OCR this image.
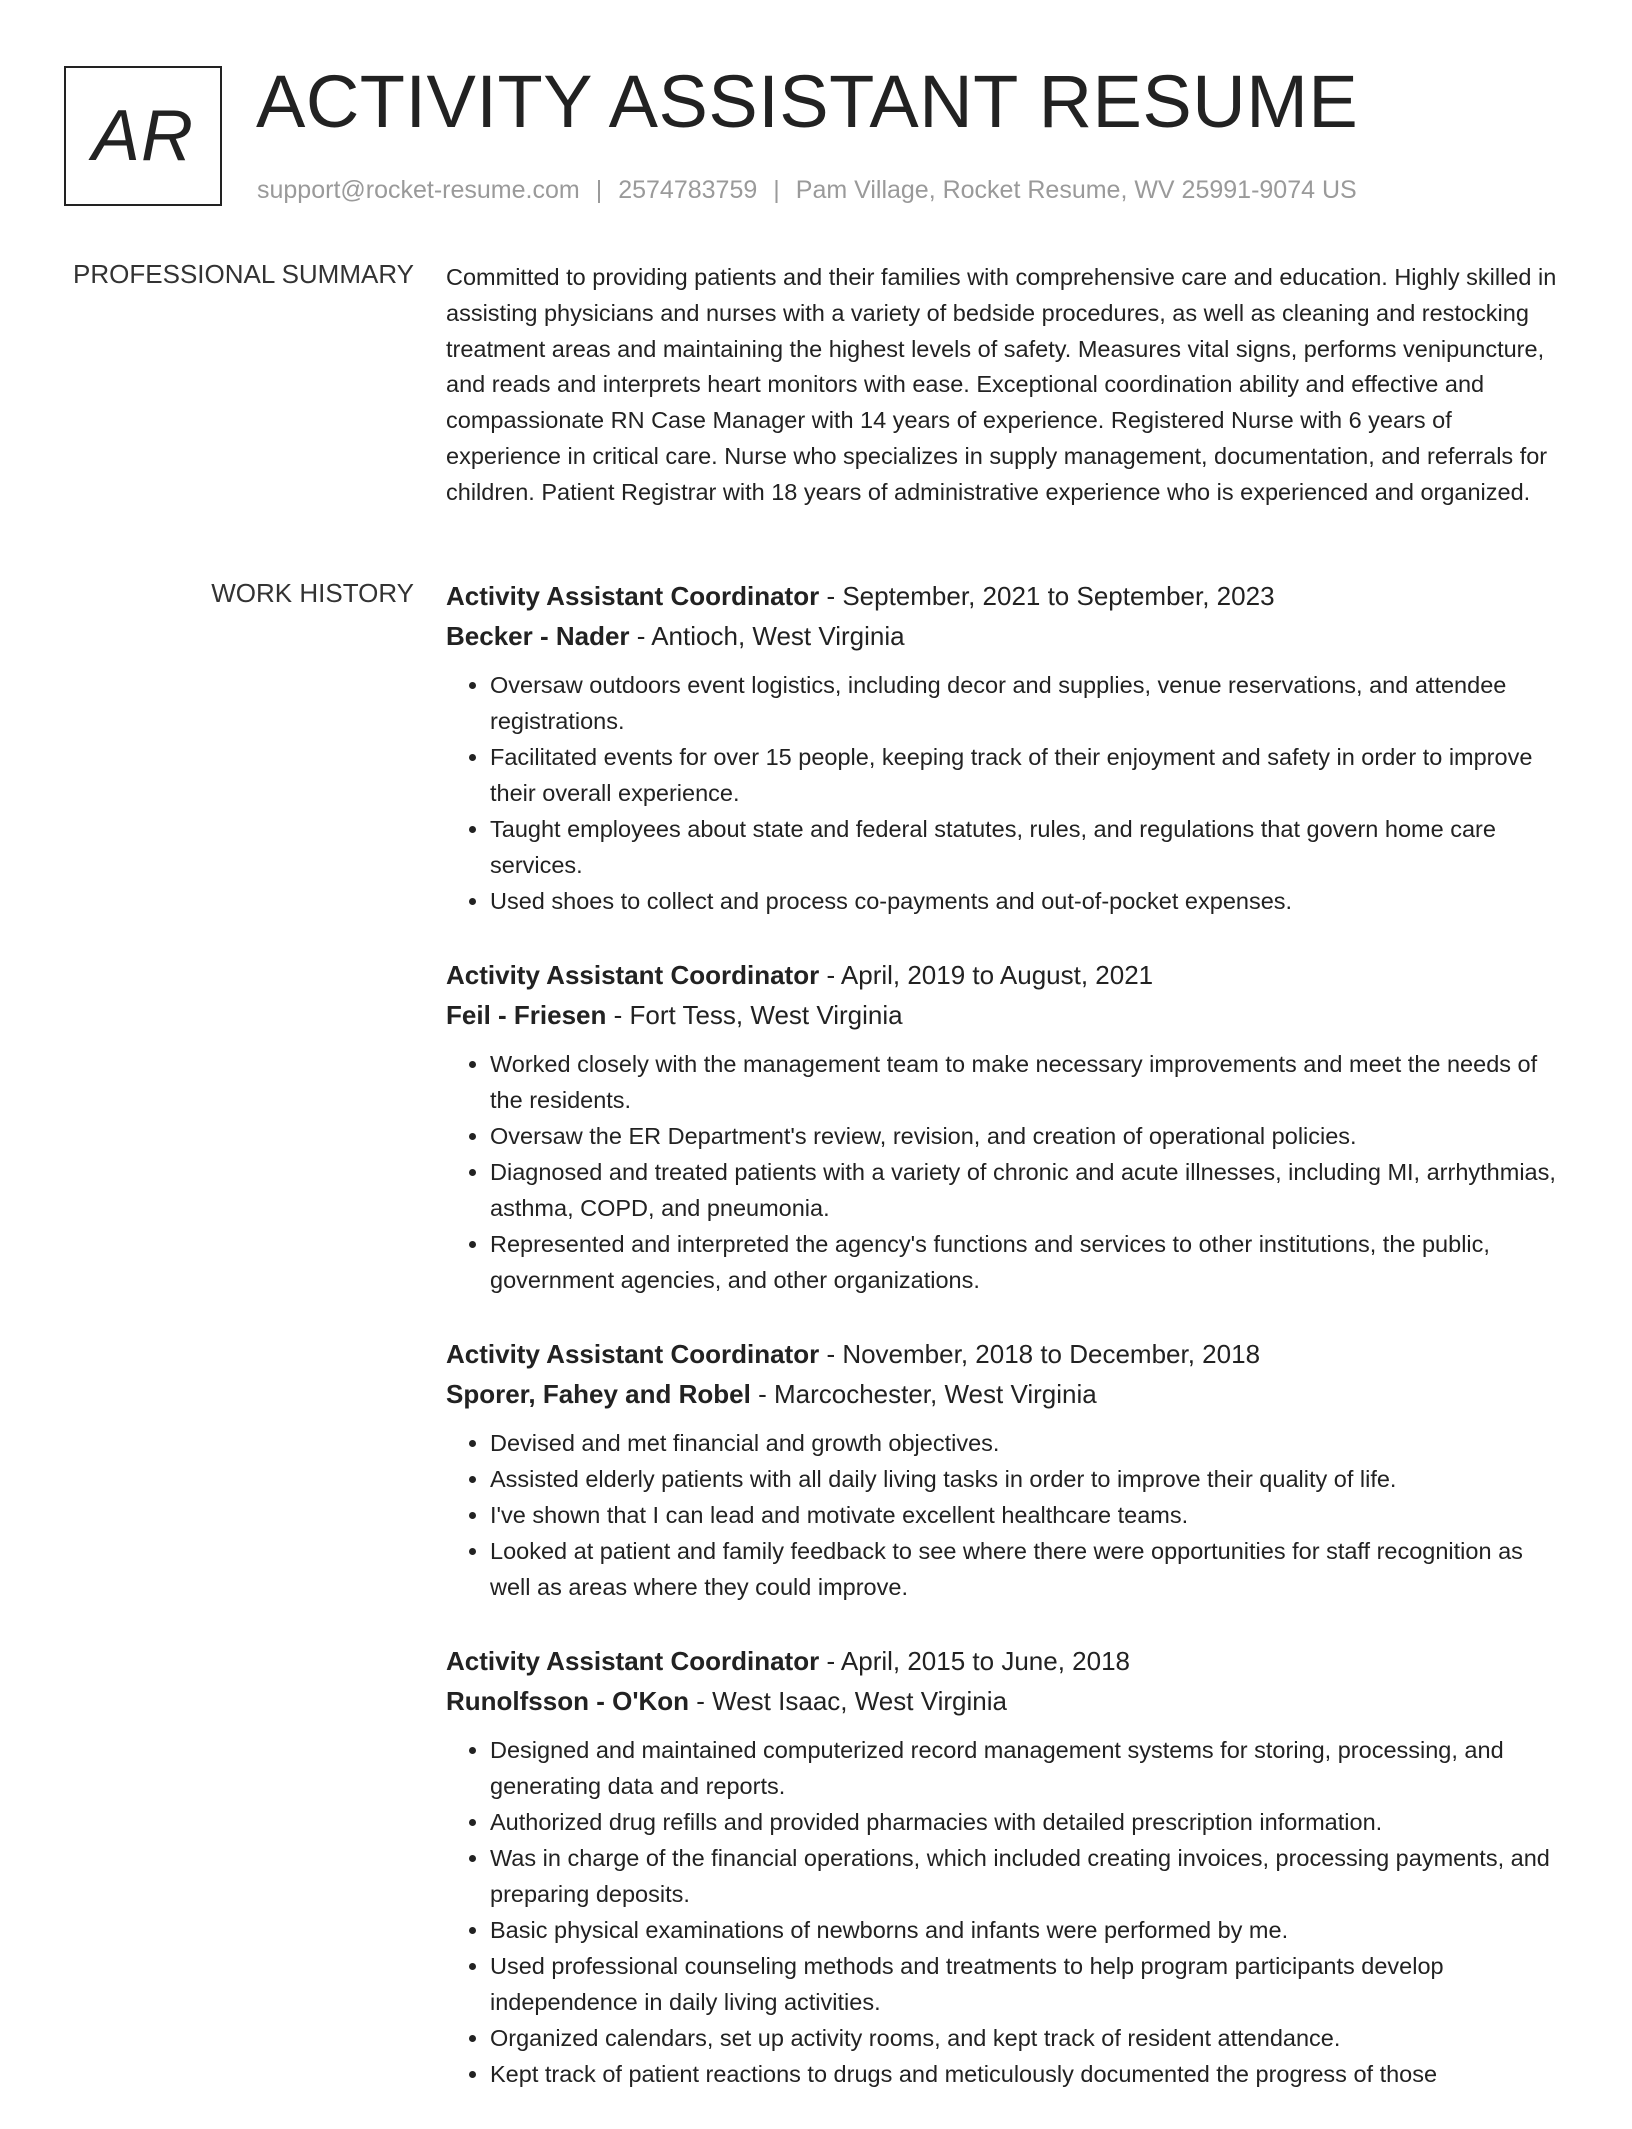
AR ACTIVITY ASSISTANT RESUME
support@rocket-resume.com | 2574783759 | Pam Village, Rocket Resume, WV 25991-9074 US
PROFESSIONAL SUMMARY Committed to providing patients and their families with comprehensive care and education. Highly skilled in assisting physicians and nurses with a variety of bedside procedures, as well as cleaning and restocking treatment areas and maintaining the highest levels of safety. Measures vital signs, performs venipuncture, and reads and interprets heart monitors with ease. Exceptional coordination ability and effective and compassionate RN Case Manager with 14 years of experience. Registered Nurse with 6 years of experience in critical care. Nurse who specializes in supply management, documentation, and referrals for children. Patient Registrar with 18 years of administrative experience who is experienced and organized.

WORK HISTORY Activity Assistant Coordinator - September, 2021 to September, 2023
Becker - Nader - Antioch, West Virginia
• Oversaw outdoors event logistics, including decor and supplies, venue reservations, and attendee registrations.
• Facilitated events for over 15 people, keeping track of their enjoyment and safety in order to improve their overall experience.
• Taught employees about state and federal statutes, rules, and regulations that govern home care services.
• Used shoes to collect and process co-payments and out-of-pocket expenses.
Activity Assistant Coordinator - April, 2019 to August, 2021
Feil - Friesen - Fort Tess, West Virginia
• Worked closely with the management team to make necessary improvements and meet the needs of the residents.
• Oversaw the ER Department's review, revision, and creation of operational policies.
• Diagnosed and treated patients with a variety of chronic and acute illnesses, including MI, arrhythmias, asthma, COPD, and pneumonia.
• Represented and interpreted the agency's functions and services to other institutions, the public, government agencies, and other organizations.
Activity Assistant Coordinator - November, 2018 to December, 2018
Sporer, Fahey and Robel - Marcochester, West Virginia
• Devised and met financial and growth objectives.
• Assisted elderly patients with all daily living tasks in order to improve their quality of life.
• I've shown that I can lead and motivate excellent healthcare teams.
• Looked at patient and family feedback to see where there were opportunities for staff recognition as well as areas where they could improve.
Activity Assistant Coordinator - April, 2015 to June, 2018
Runolfsson - O'Kon - West Isaac, West Virginia
• Designed and maintained computerized record management systems for storing, processing, and generating data and reports.
• Authorized drug refills and provided pharmacies with detailed prescription information.
• Was in charge of the financial operations, which included creating invoices, processing payments, and preparing deposits.
• Basic physical examinations of newborns and infants were performed by me.
• Used professional counseling methods and treatments to help program participants develop independence in daily living activities.
• Organized calendars, set up activity rooms, and kept track of resident attendance.
• Kept track of patient reactions to drugs and meticulously documented the progress of those
